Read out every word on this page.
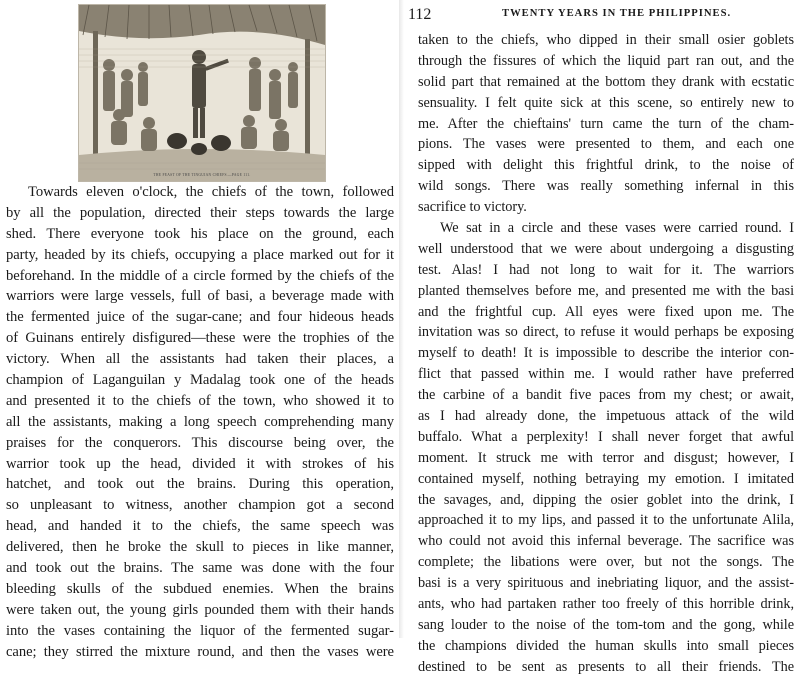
THE FEAST OF THE TINGUIAN CHIEFS.—PAGE 111.
Towards eleven o'clock, the chiefs of the town, followed
by all the population, directed their steps towards the large
shed. There everyone took his place on the ground, each
party, headed by its chiefs, occupying a place marked out for it
beforehand. In the middle of a circle formed by the chiefs of the
warriors were large vessels, full of basi, a beverage made with
the fermented juice of the sugar-cane; and four hideous heads
of Guinans entirely disfigured—these were the trophies of the
victory. When all the assistants had taken their places, a
champion of Laganguilan y Madalag took one of the heads
and presented it to the chiefs of the town, who showed it to
all the assistants, making a long speech comprehending many
praises for the conquerors. This discourse being over, the
warrior took up the head, divided it with strokes of his
hatchet, and took out the brains. During this operation,
so unpleasant to witness, another champion got a second
head, and handed it to the chiefs, the same speech was
delivered, then he broke the skull to pieces in like manner,
and took out the brains. The same was done with the four
bleeding skulls of the subdued enemies. When the brains
were taken out, the young girls pounded them with their hands
into the vases containing the liquor of the fermented sugar-
cane; they stirred the mixture round, and then the vases were
112	TWENTY YEARS IN THE PHILIPPINES.
taken to the chiefs, who dipped in their small osier goblets
through the fissures of which the liquid part ran out, and the
solid part that remained at the bottom they drank with ecstatic
sensuality. I felt quite sick at this scene, so entirely new to
me. After the chieftains' turn came the turn of the cham-
pions. The vases were presented to them, and each one
sipped with delight this frightful drink, to the noise of
wild songs. There was really something infernal in this
sacrifice to victory.
We sat in a circle and these vases were carried round. I
well understood that we were about undergoing a disgusting
test. Alas! I had not long to wait for it. The warriors
planted themselves before me, and presented me with the basi
and the frightful cup. All eyes were fixed upon me. The
invitation was so direct, to refuse it would perhaps be exposing
myself to death! It is impossible to describe the interior con-
flict that passed within me. I would rather have preferred
the carbine of a bandit five paces from my chest; or await,
as I had already done, the impetuous attack of the wild
buffalo. What a perplexity! I shall never forget that awful
moment. It struck me with terror and disgust; however, I
contained myself, nothing betraying my emotion. I imitated
the savages, and, dipping the osier goblet into the drink, I
approached it to my lips, and passed it to the unfortunate Alila,
who could not avoid this infernal beverage. The sacrifice was
complete; the libations were over, but not the songs. The
basi is a very spirituous and inebriating liquor, and the assist-
ants, who had partaken rather too freely of this horrible drink,
sang louder to the noise of the tom-tom and the gong, while
the champions divided the human skulls into small pieces
destined to be sent as presents to all their friends. The
